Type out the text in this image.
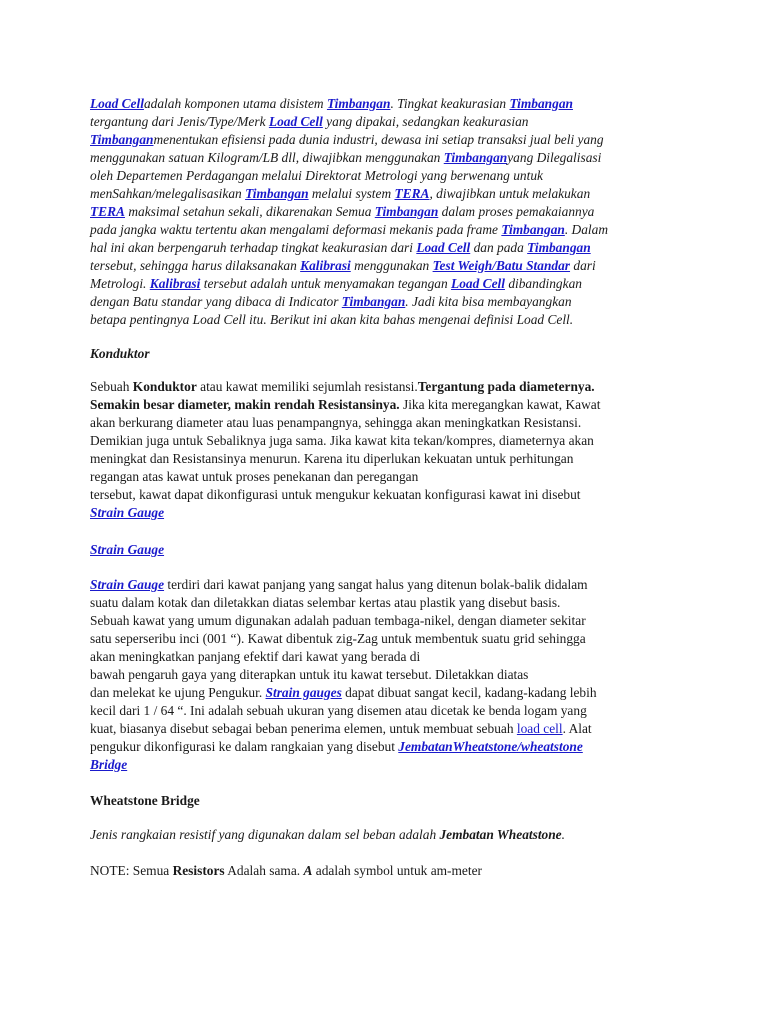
Load Celladalah komponen utama disistem Timbangan. Tingkat keakurasian Timbangan
tergantung dari Jenis/Type/Merk Load Cell yang dipakai, sedangkan keakurasian
Timbanganmenentukan efisiensi pada dunia industri, dewasa ini setiap transaksi jual beli yang
menggunakan satuan Kilogram/LB dll, diwajibkan menggunakan Timbanganyang Dilegalisasi
oleh Departemen Perdagangan melalui Direktorat Metrologi yang berwenang untuk
menSahkan/melegalisasikan Timbangan melalui system TERA, diwajibkan untuk melakukan
TERA maksimal setahun sekali, dikarenakan Semua Timbangan dalam proses pemakaiannya
pada jangka waktu tertentu akan mengalami deformasi mekanis pada frame Timbangan. Dalam
hal ini akan berpengaruh terhadap tingkat keakurasian dari Load Cell dan pada Timbangan
tersebut, sehingga harus dilaksanakan Kalibrasi menggunakan Test Weigh/Batu Standar dari
Metrologi. Kalibrasi tersebut adalah untuk menyamakan tegangan Load Cell dibandingkan
dengan Batu standar yang dibaca di Indicator Timbangan. Jadi kita bisa membayangkan
betapa pentingnya Load Cell itu. Berikut ini akan kita bahas mengenai definisi Load Cell.
Konduktor
Sebuah Konduktor atau kawat memiliki sejumlah resistansi.Tergantung pada diameternya.
Semakin besar diameter, makin rendah Resistansinya. Jika kita meregangkan kawat, Kawat
akan berkurang diameter atau luas penampangnya, sehingga akan meningkatkan Resistansi.
Demikian juga untuk Sebaliknya juga sama. Jika kawat kita tekan/kompres, diameternya akan
meningkat dan Resistansinya menurun. Karena itu diperlukan kekuatan untuk perhitungan
regangan atas kawat untuk proses penekanan dan peregangan
tersebut, kawat dapat dikonfigurasi untuk mengukur kekuatan konfigurasi kawat ini disebut
Strain Gauge
Strain Gauge
Strain Gauge terdiri dari kawat panjang yang sangat halus yang ditenun bolak-balik didalam
suatu dalam kotak dan diletakkan diatas selembar kertas atau plastik yang disebut basis.
Sebuah kawat yang umum digunakan adalah paduan tembaga-nikel, dengan diameter sekitar
satu seperseribu inci (001 “). Kawat dibentuk zig-Zag untuk membentuk suatu grid sehingga
akan meningkatkan panjang efektif dari kawat yang berada di
bawah pengaruh gaya yang diterapkan untuk itu kawat tersebut. Diletakkan diatas
dan melekat ke ujung Pengukur. Strain gauges dapat dibuat sangat kecil, kadang-kadang lebih
kecil dari 1 / 64 “. Ini adalah sebuah ukuran yang disemen atau dicetak ke benda logam yang
kuat, biasanya disebut sebagai beban penerima elemen, untuk membuat sebuah load cell. Alat
pengukur dikonfigurasi ke dalam rangkaian yang disebut JembatanWheatstone/wheatstone
Bridge
Wheatstone Bridge
Jenis rangkaian resistif yang digunakan dalam sel beban adalah Jembatan Wheatstone.
NOTE: Semua Resistors Adalah sama. A adalah symbol untuk am-meter
